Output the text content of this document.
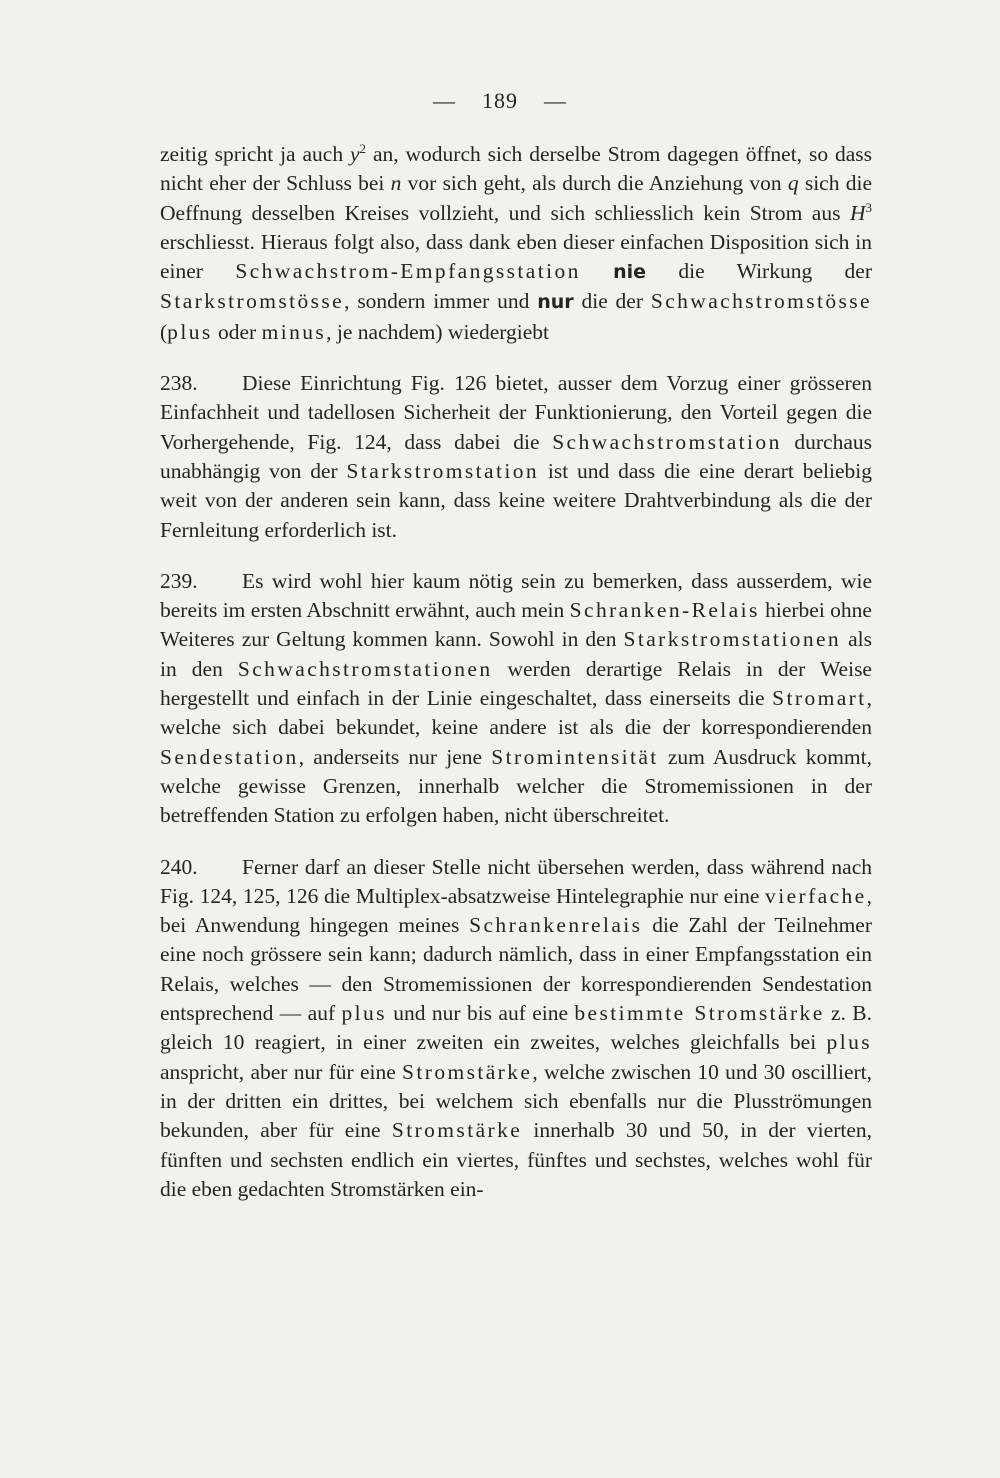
— 189 —

zeitig spricht ja auch $y^2$ an, wodurch sich derselbe Strom dagegen öffnet, so dass nicht eher der Schluss bei n vor sich geht, als durch die Anziehung von q sich die Oeffnung desselben Kreises vollzieht, und sich schliesslich kein Strom aus $H^3$ erschliesst. Hieraus folgt also, dass dank eben dieser einfachen Disposition sich in einer Schwachstrom-Empfangsstation nie die Wirkung der Starkstromstösse, sondern immer und nur die der Schwachstromstösse (plus oder minus, je nachdem) wiedergiebt

238. Diese Einrichtung Fig. 126 bietet, ausser dem Vorzug einer grösseren Einfachheit und tadellosen Sicherheit der Funktionierung, den Vorteil gegen die Vorhergehende, Fig. 124, dass dabei die Schwachstromstation durchaus unabhängig von der Starkstromstation ist und dass die eine derart beliebig weit von der anderen sein kann, dass keine weitere Drahtverbindung als die der Fernleitung erforderlich ist.

239. Es wird wohl hier kaum nötig sein zu bemerken, dass ausserdem, wie bereits im ersten Abschnitt erwähnt, auch mein Schranken-Relais hierbei ohne Weiteres zur Geltung kommen kann. Sowohl in den Starkstromstationen als in den Schwachstromstationen werden derartige Relais in der Weise hergestellt und einfach in der Linie eingeschaltet, dass einerseits die Stromart, welche sich dabei bekundet, keine andere ist als die der korrespondierenden Sendestation, anderseits nur jene Stromintensität zum Ausdruck kommt, welche gewisse Grenzen, innerhalb welcher die Stromemissionen in der betreffenden Station zu erfolgen haben, nicht überschreitet.

240. Ferner darf an dieser Stelle nicht übersehen werden, dass während nach Fig. 124, 125, 126 die Multiplex-absatzweise Hintelegraphie nur eine vierfache, bei Anwendung hingegen meines Schrankenrelais die Zahl der Teilnehmer eine noch grössere sein kann; dadurch nämlich, dass in einer Empfangsstation ein Relais, welches — den Stromemissionen der korrespondierenden Sendestation entsprechend — auf plus und nur bis auf eine bestimmte Stromstärke z. B. gleich 10 reagiert, in einer zweiten ein zweites, welches gleichfalls bei plus anspricht, aber nur für eine Stromstärke, welche zwischen 10 und 30 oscilliert, in der dritten ein drittes, bei welchem sich ebenfalls nur die Plusströmungen bekunden, aber für eine Stromstärke innerhalb 30 und 50, in der vierten, fünften und sechsten endlich ein viertes, fünftes und sechstes, welches wohl für die eben gedachten Stromstärken ein-
